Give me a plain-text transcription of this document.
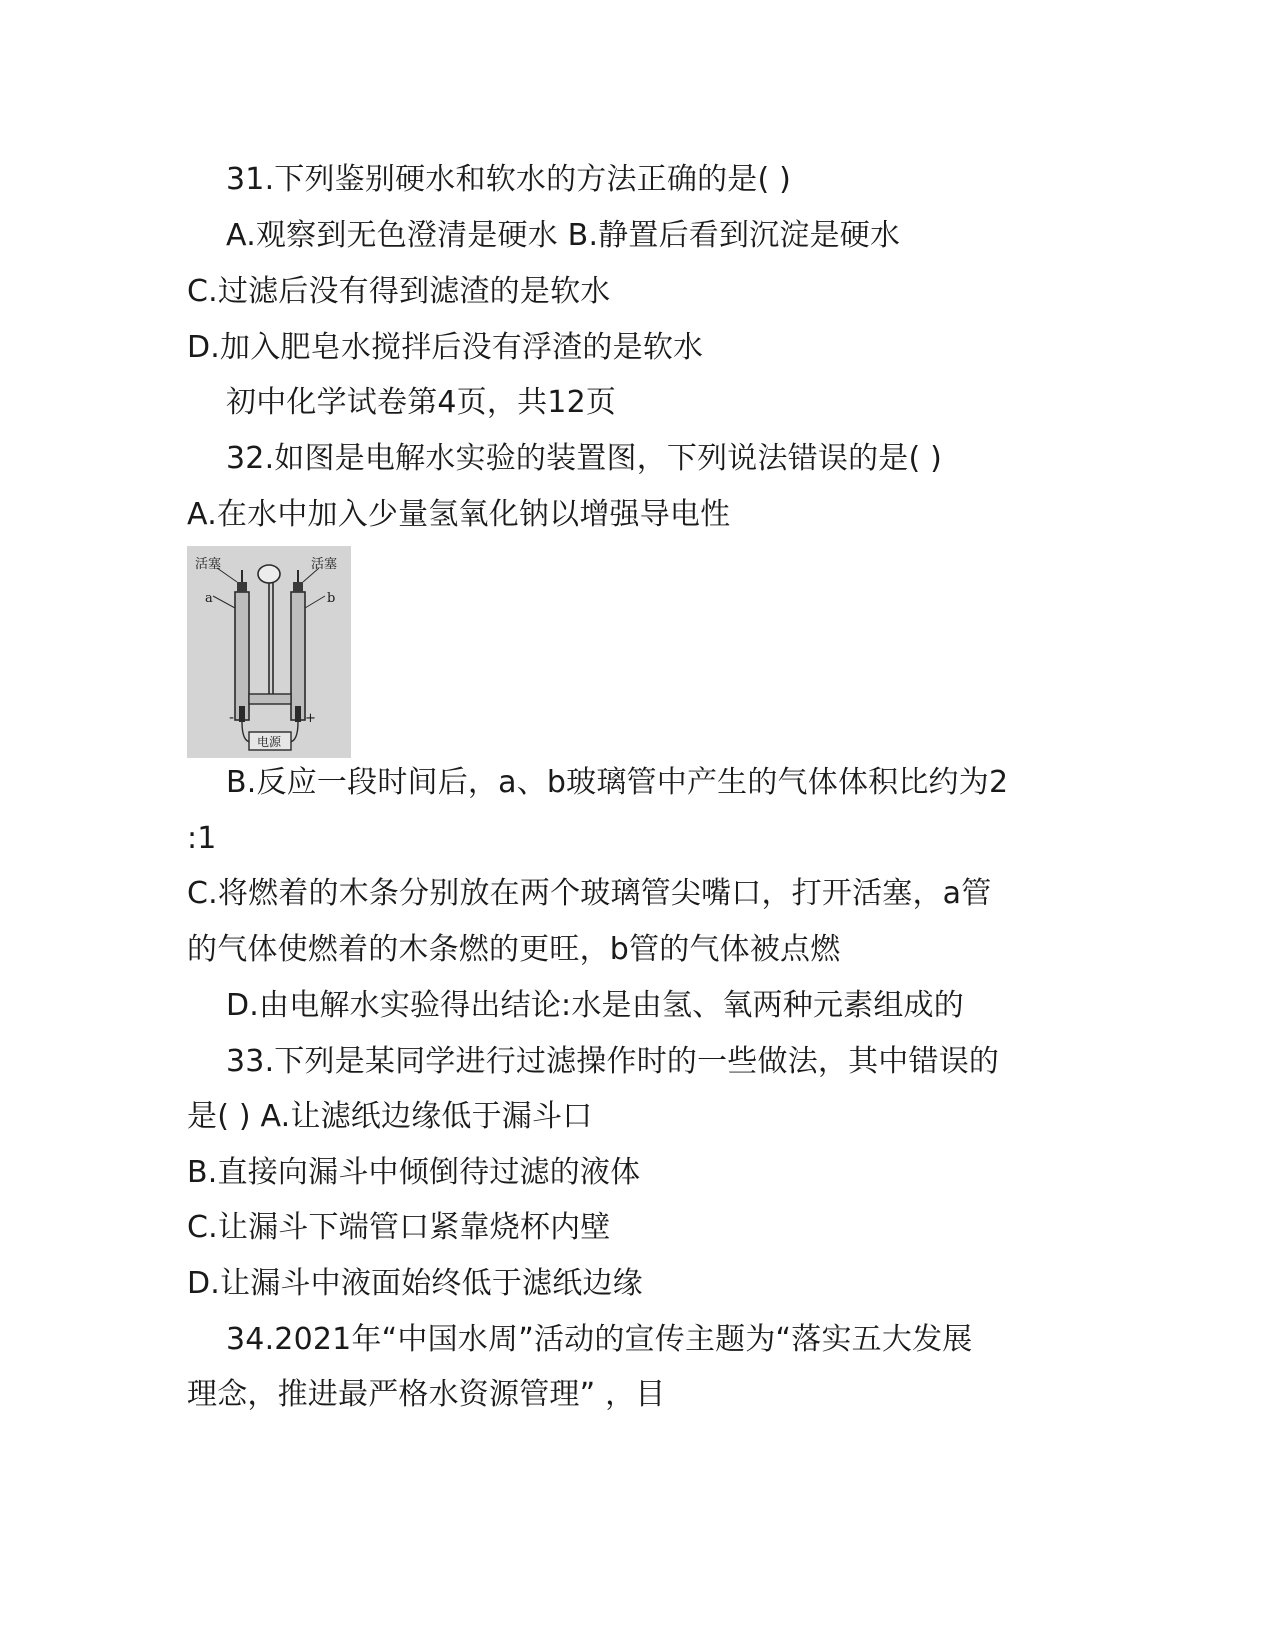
31.下列鉴别硬水和软水的方法正确的是( )
A.观察到无色澄清是硬水 B.静置后看到沉淀是硬水
C.过滤后没有得到滤渣的是软水
D.加入肥皂水搅拌后没有浮渣的是软水
初中化学试卷第4页，共12页
32.如图是电解水实验的装置图，下列说法错误的是( )
A.在水中加入少量氢氧化钠以增强导电性
活塞	活塞
a	b
-	+
电源
B.反应一段时间后，a、b玻璃管中产生的气体体积比约为2
:1
C.将燃着的木条分别放在两个玻璃管尖嘴口，打开活塞，a管
的气体使燃着的木条燃的更旺，b管的气体被点燃
D.由电解水实验得出结论:水是由氢、氧两种元素组成的
33.下列是某同学进行过滤操作时的一些做法，其中错误的
是( ) A.让滤纸边缘低于漏斗口
B.直接向漏斗中倾倒待过滤的液体
C.让漏斗下端管口紧靠烧杯内壁
D.让漏斗中液面始终低于滤纸边缘
34.2021年“中国水周”活动的宣传主题为“落实五大发展
理念，推进最严格水资源管理” ，目
